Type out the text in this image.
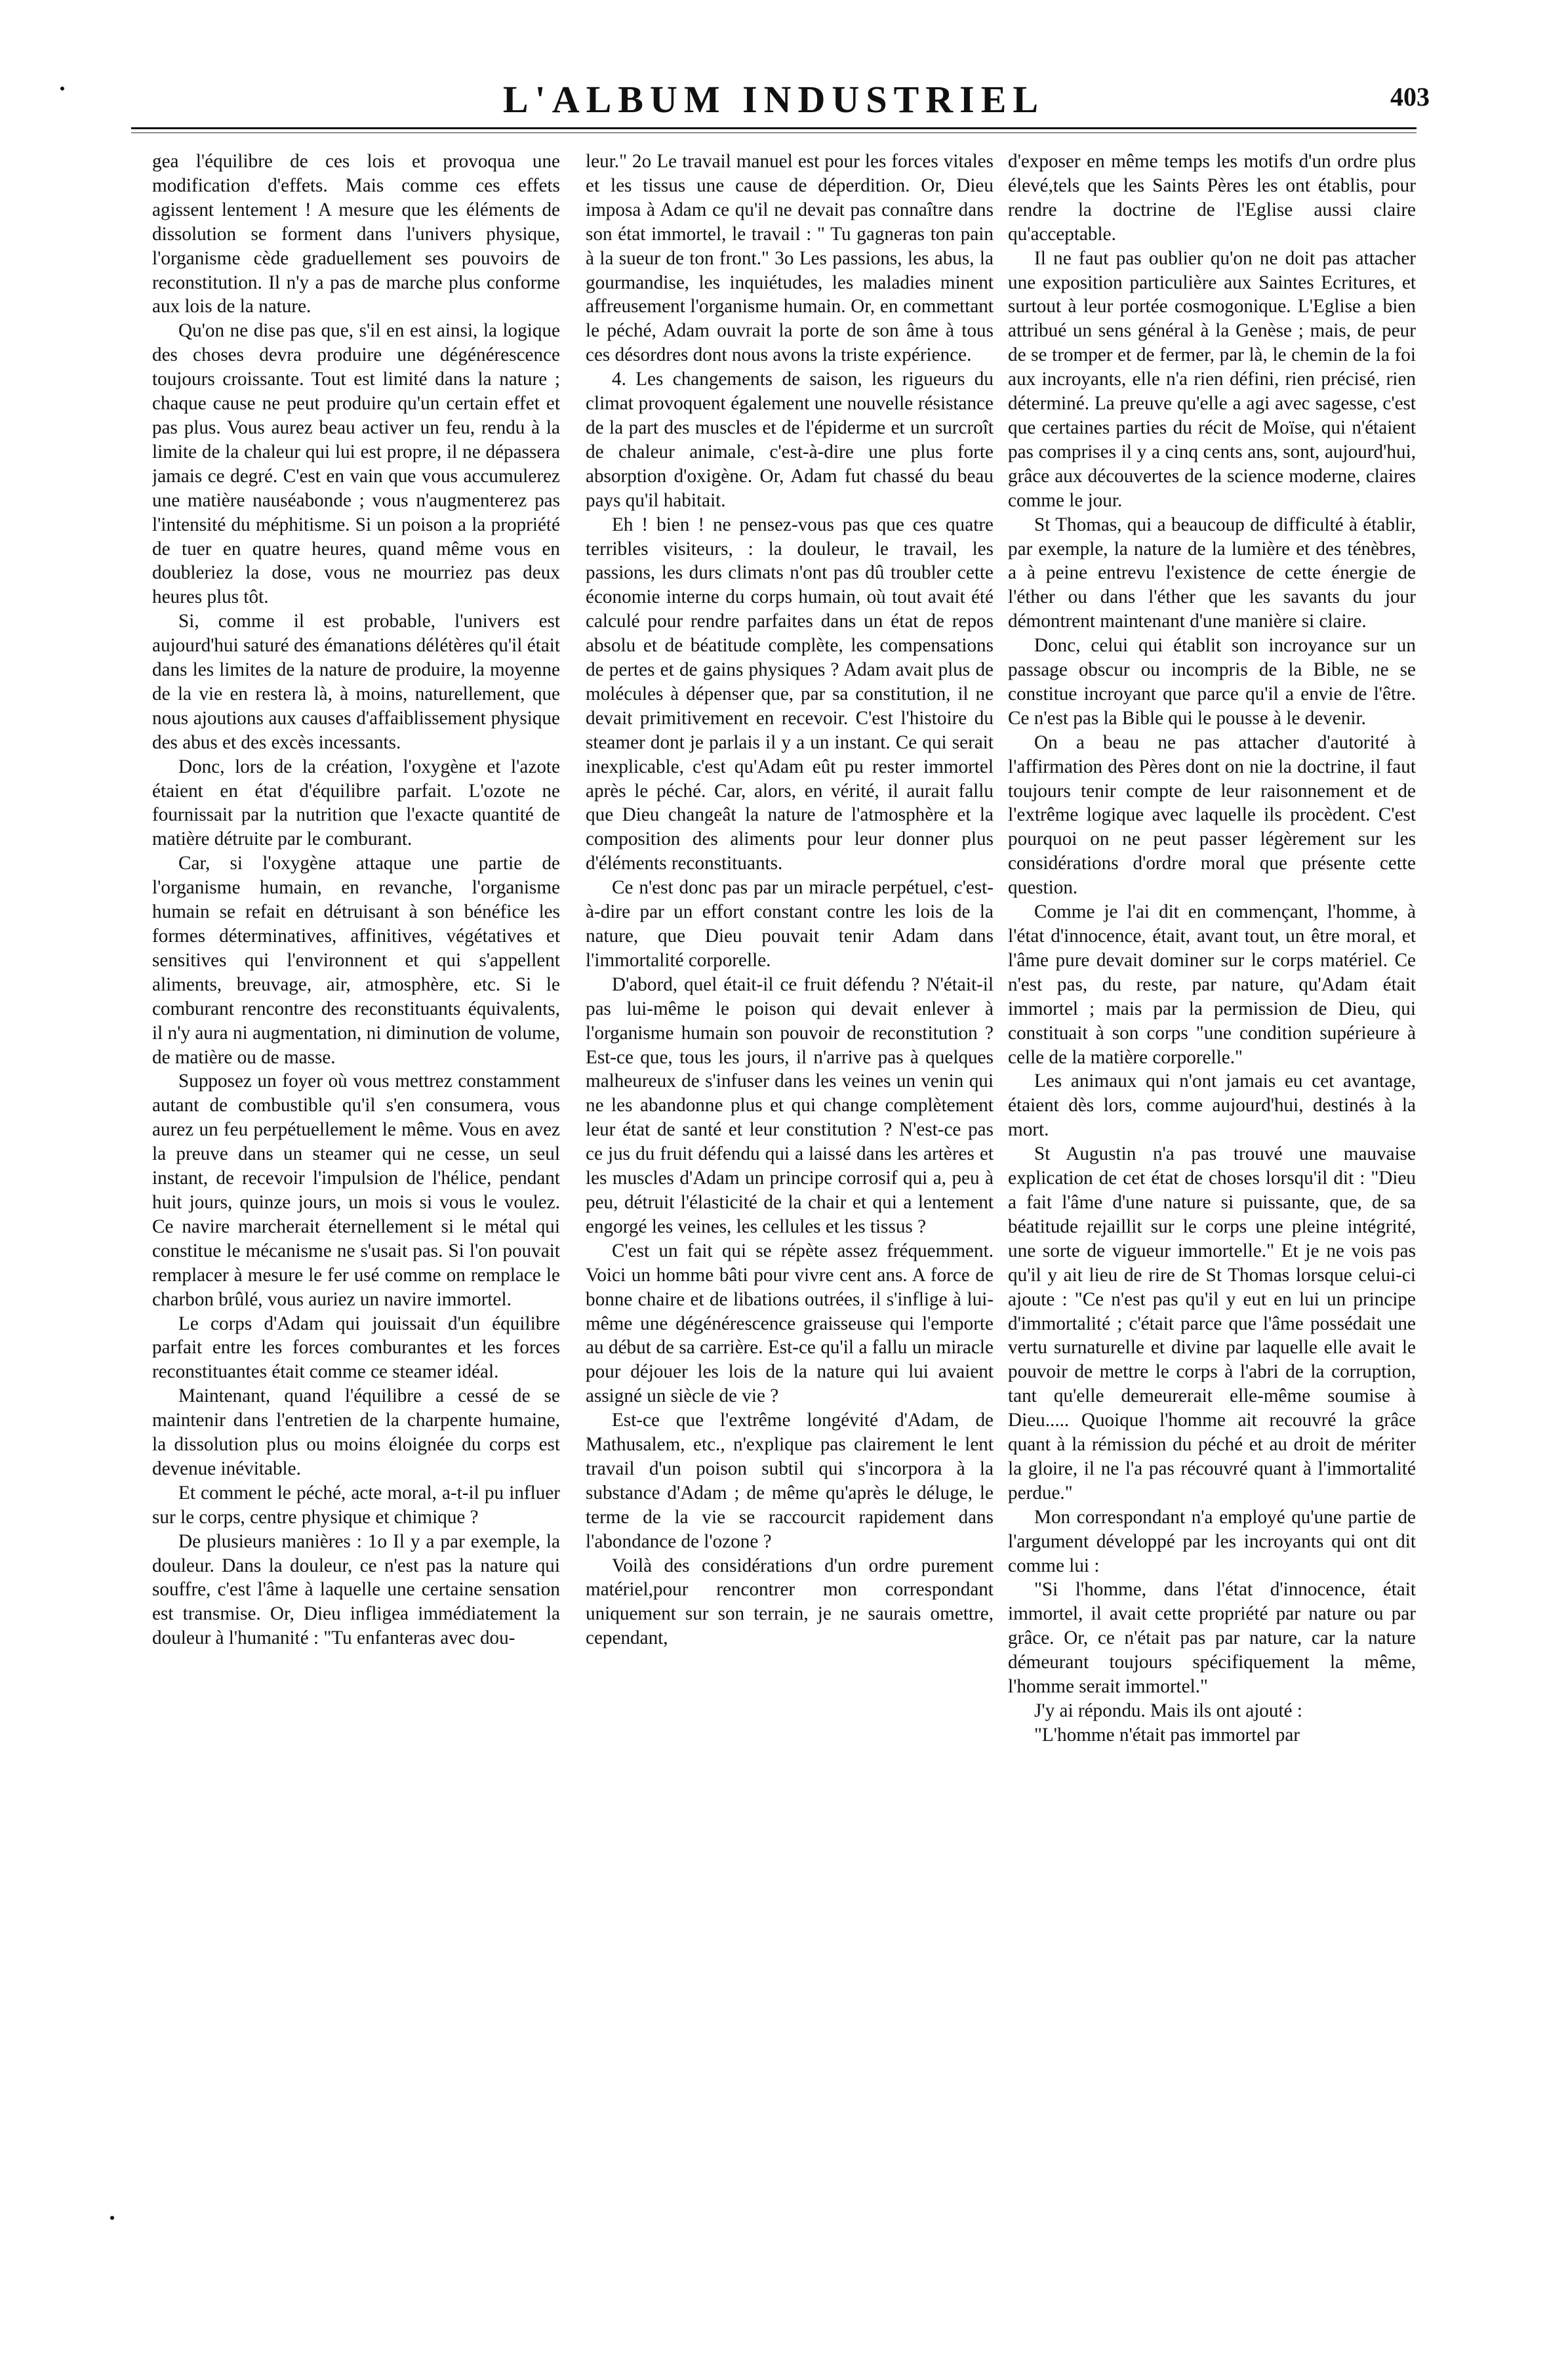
L'ALBUM INDUSTRIEL	403

gea l'équilibre de ces lois et provoqua une modification d'effets. Mais comme ces effets agissent lentement ! A mesure que les éléments de dissolution se forment dans l'univers physique, l'organisme cède graduellement ses pouvoirs de reconstitution. Il n'y a pas de marche plus conforme aux lois de la nature.

Qu'on ne dise pas que, s'il en est ainsi, la logique des choses devra produire une dégénérescence toujours croissante. Tout est limité dans la nature ; chaque cause ne peut produire qu'un certain effet et pas plus. Vous aurez beau activer un feu, rendu à la limite de la chaleur qui lui est propre, il ne dépassera jamais ce degré. C'est en vain que vous accumulerez une matière nauséabonde ; vous n'augmenterez pas l'intensité du méphitisme. Si un poison a la propriété de tuer en quatre heures, quand même vous en doubleriez la dose, vous ne mourriez pas deux heures plus tôt.

Si, comme il est probable, l'univers est aujourd'hui saturé des émanations délétères qu'il était dans les limites de la nature de produire, la moyenne de la vie en restera là, à moins, naturellement, que nous ajoutions aux causes d'affaiblissement physique des abus et des excès incessants.

Donc, lors de la création, l'oxygène et l'azote étaient en état d'équilibre parfait. L'ozote ne fournissait par la nutrition que l'exacte quantité de matière détruite par le comburant.

Car, si l'oxygène attaque une partie de l'organisme humain, en revanche, l'organisme humain se refait en détruisant à son bénéfice les formes déterminatives, affinitives, végétatives et sensitives qui l'environnent et qui s'appellent aliments, breuvage, air, atmosphère, etc. Si le comburant rencontre des reconstituants équivalents, il n'y aura ni augmentation, ni diminution de volume, de matière ou de masse.

Supposez un foyer où vous mettrez constamment autant de combustible qu'il s'en consumera, vous aurez un feu perpétuellement le même. Vous en avez la preuve dans un steamer qui ne cesse, un seul instant, de recevoir l'impulsion de l'hélice, pendant huit jours, quinze jours, un mois si vous le voulez. Ce navire marcherait éternellement si le métal qui constitue le mécanisme ne s'usait pas. Si l'on pouvait remplacer à mesure le fer usé comme on remplace le charbon brûlé, vous auriez un navire immortel.

Le corps d'Adam qui jouissait d'un équilibre parfait entre les forces comburantes et les forces reconstituantes était comme ce steamer idéal.

Maintenant, quand l'équilibre a cessé de se maintenir dans l'entretien de la charpente humaine, la dissolution plus ou moins éloignée du corps est devenue inévitable.

Et comment le péché, acte moral, a-t-il pu influer sur le corps, centre physique et chimique ?

De plusieurs manières : 1o Il y a par exemple, la douleur. Dans la douleur, ce n'est pas la nature qui souffre, c'est l'âme à laquelle une certaine sensation est transmise. Or, Dieu infligea immédiatement la douleur à l'humanité : "Tu enfanteras avec dou-

leur." 2o Le travail manuel est pour les forces vitales et les tissus une cause de déperdition. Or, Dieu imposa à Adam ce qu'il ne devait pas connaître dans son état immortel, le travail : " Tu gagneras ton pain à la sueur de ton front." 3o Les passions, les abus, la gourmandise, les inquiétudes, les maladies minent affreusement l'organisme humain. Or, en commettant le péché, Adam ouvrait la porte de son âme à tous ces désordres dont nous avons la triste expérience.

4. Les changements de saison, les rigueurs du climat provoquent également une nouvelle résistance de la part des muscles et de l'épiderme et un surcroît de chaleur animale, c'est-à-dire une plus forte absorption d'oxigène. Or, Adam fut chassé du beau pays qu'il habitait.

Eh ! bien ! ne pensez-vous pas que ces quatre terribles visiteurs, : la douleur, le travail, les passions, les durs climats n'ont pas dû troubler cette économie interne du corps humain, où tout avait été calculé pour rendre parfaites dans un état de repos absolu et de béatitude complète, les compensations de pertes et de gains physiques ? Adam avait plus de molécules à dépenser que, par sa constitution, il ne devait primitivement en recevoir. C'est l'histoire du steamer dont je parlais il y a un instant. Ce qui serait inexplicable, c'est qu'Adam eût pu rester immortel après le péché. Car, alors, en vérité, il aurait fallu que Dieu changeât la nature de l'atmosphère et la composition des aliments pour leur donner plus d'éléments reconstituants.

Ce n'est donc pas par un miracle perpétuel, c'est-à-dire par un effort constant contre les lois de la nature, que Dieu pouvait tenir Adam dans l'immortalité corporelle.

D'abord, quel était-il ce fruit défendu ? N'était-il pas lui-même le poison qui devait enlever à l'organisme humain son pouvoir de reconstitution ? Est-ce que, tous les jours, il n'arrive pas à quelques malheureux de s'infuser dans les veines un venin qui ne les abandonne plus et qui change complètement leur état de santé et leur constitution ? N'est-ce pas ce jus du fruit défendu qui a laissé dans les artères et les muscles d'Adam un principe corrosif qui a, peu à peu, détruit l'élasticité de la chair et qui a lentement engorgé les veines, les cellules et les tissus ?

C'est un fait qui se répète assez fréquemment. Voici un homme bâti pour vivre cent ans. A force de bonne chaire et de libations outrées, il s'inflige à lui-même une dégénérescence graisseuse qui l'emporte au début de sa carrière. Est-ce qu'il a fallu un miracle pour déjouer les lois de la nature qui lui avaient assigné un siècle de vie ?

Est-ce que l'extrême longévité d'Adam, de Mathusalem, etc., n'explique pas clairement le lent travail d'un poison subtil qui s'incorpora à la substance d'Adam ; de même qu'après le déluge, le terme de la vie se raccourcit rapidement dans l'abondance de l'ozone ?

Voilà des considérations d'un ordre purement matériel,pour rencontrer mon correspondant uniquement sur son terrain, je ne saurais omettre, cependant,

d'exposer en même temps les motifs d'un ordre plus élevé,tels que les Saints Pères les ont établis, pour rendre la doctrine de l'Eglise aussi claire qu'acceptable.

Il ne faut pas oublier qu'on ne doit pas attacher une exposition particulière aux Saintes Ecritures, et surtout à leur portée cosmogonique. L'Eglise a bien attribué un sens général à la Genèse ; mais, de peur de se tromper et de fermer, par là, le chemin de la foi aux incroyants, elle n'a rien défini, rien précisé, rien déterminé. La preuve qu'elle a agi avec sagesse, c'est que certaines parties du récit de Moïse, qui n'étaient pas comprises il y a cinq cents ans, sont, aujourd'hui, grâce aux découvertes de la science moderne, claires comme le jour.

St Thomas, qui a beaucoup de difficulté à établir, par exemple, la nature de la lumière et des ténèbres, a à peine entrevu l'existence de cette énergie de l'éther ou dans l'éther que les savants du jour démontrent maintenant d'une manière si claire.

Donc, celui qui établit son incroyance sur un passage obscur ou incompris de la Bible, ne se constitue incroyant que parce qu'il a envie de l'être. Ce n'est pas la Bible qui le pousse à le devenir.

On a beau ne pas attacher d'autorité à l'affirmation des Pères dont on nie la doctrine, il faut toujours tenir compte de leur raisonnement et de l'extrême logique avec laquelle ils procèdent. C'est pourquoi on ne peut passer légèrement sur les considérations d'ordre moral que présente cette question.

Comme je l'ai dit en commençant, l'homme, à l'état d'innocence, était, avant tout, un être moral, et l'âme pure devait dominer sur le corps matériel. Ce n'est pas, du reste, par nature, qu'Adam était immortel ; mais par la permission de Dieu, qui constituait à son corps "une condition supérieure à celle de la matière corporelle."

Les animaux qui n'ont jamais eu cet avantage, étaient dès lors, comme aujourd'hui, destinés à la mort.

St Augustin n'a pas trouvé une mauvaise explication de cet état de choses lorsqu'il dit : "Dieu a fait l'âme d'une nature si puissante, que, de sa béatitude rejaillit sur le corps une pleine intégrité, une sorte de vigueur immortelle." Et je ne vois pas qu'il y ait lieu de rire de St Thomas lorsque celui-ci ajoute : "Ce n'est pas qu'il y eut en lui un principe d'immortalité ; c'était parce que l'âme possédait une vertu surnaturelle et divine par laquelle elle avait le pouvoir de mettre le corps à l'abri de la corruption, tant qu'elle demeurerait elle-même soumise à Dieu..... Quoique l'homme ait recouvré la grâce quant à la rémission du péché et au droit de mériter la gloire, il ne l'a pas récouvré quant à l'immortalité perdue."

Mon correspondant n'a employé qu'une partie de l'argument développé par les incroyants qui ont dit comme lui :

"Si l'homme, dans l'état d'innocence, était immortel, il avait cette propriété par nature ou par grâce. Or, ce n'était pas par nature, car la nature démeurant toujours spécifiquement la même, l'homme serait immortel."

J'y ai répondu. Mais ils ont ajouté :

"L'homme n'était pas immortel par
